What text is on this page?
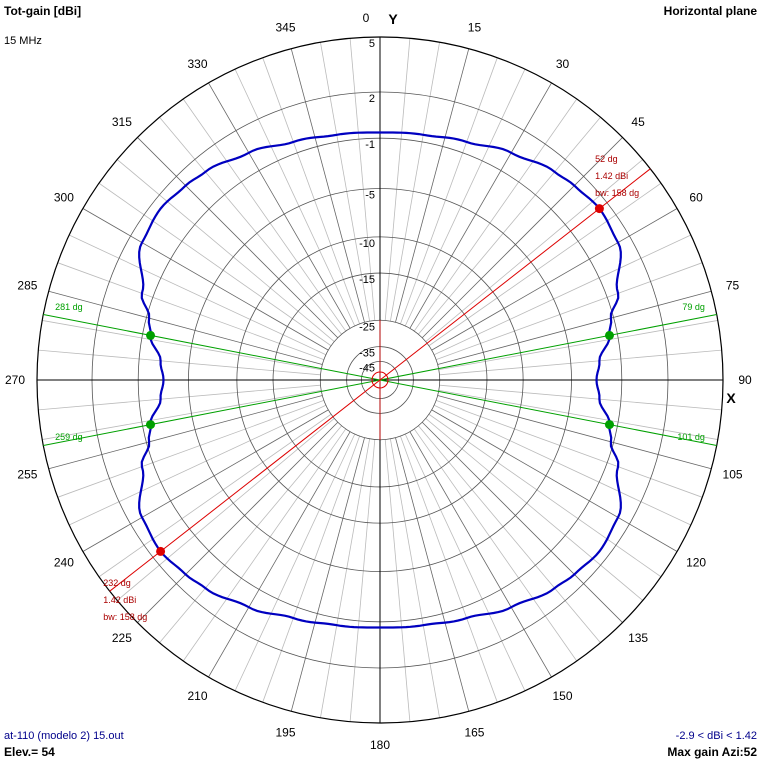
5
2
-1
-5
-10
-15
-25
-35
-45
0
15
30
45
60
75
90
105
120
135
150
165
180
195
210
225
240
255
270
285
300
315
330
345
Y
X
79 dg
101 dg
259 dg
281 dg
52 dg
1.42 dBi
bw: 158 dg
232 dg
1.42 dBi
bw: 158 dg
Tot-gain [dBi]
15 MHz
Horizontal plane
at-110 (modelo 2) 15.out
Elev.= 54
-2.9 < dBi < 1.42
Max gain Azi:52
